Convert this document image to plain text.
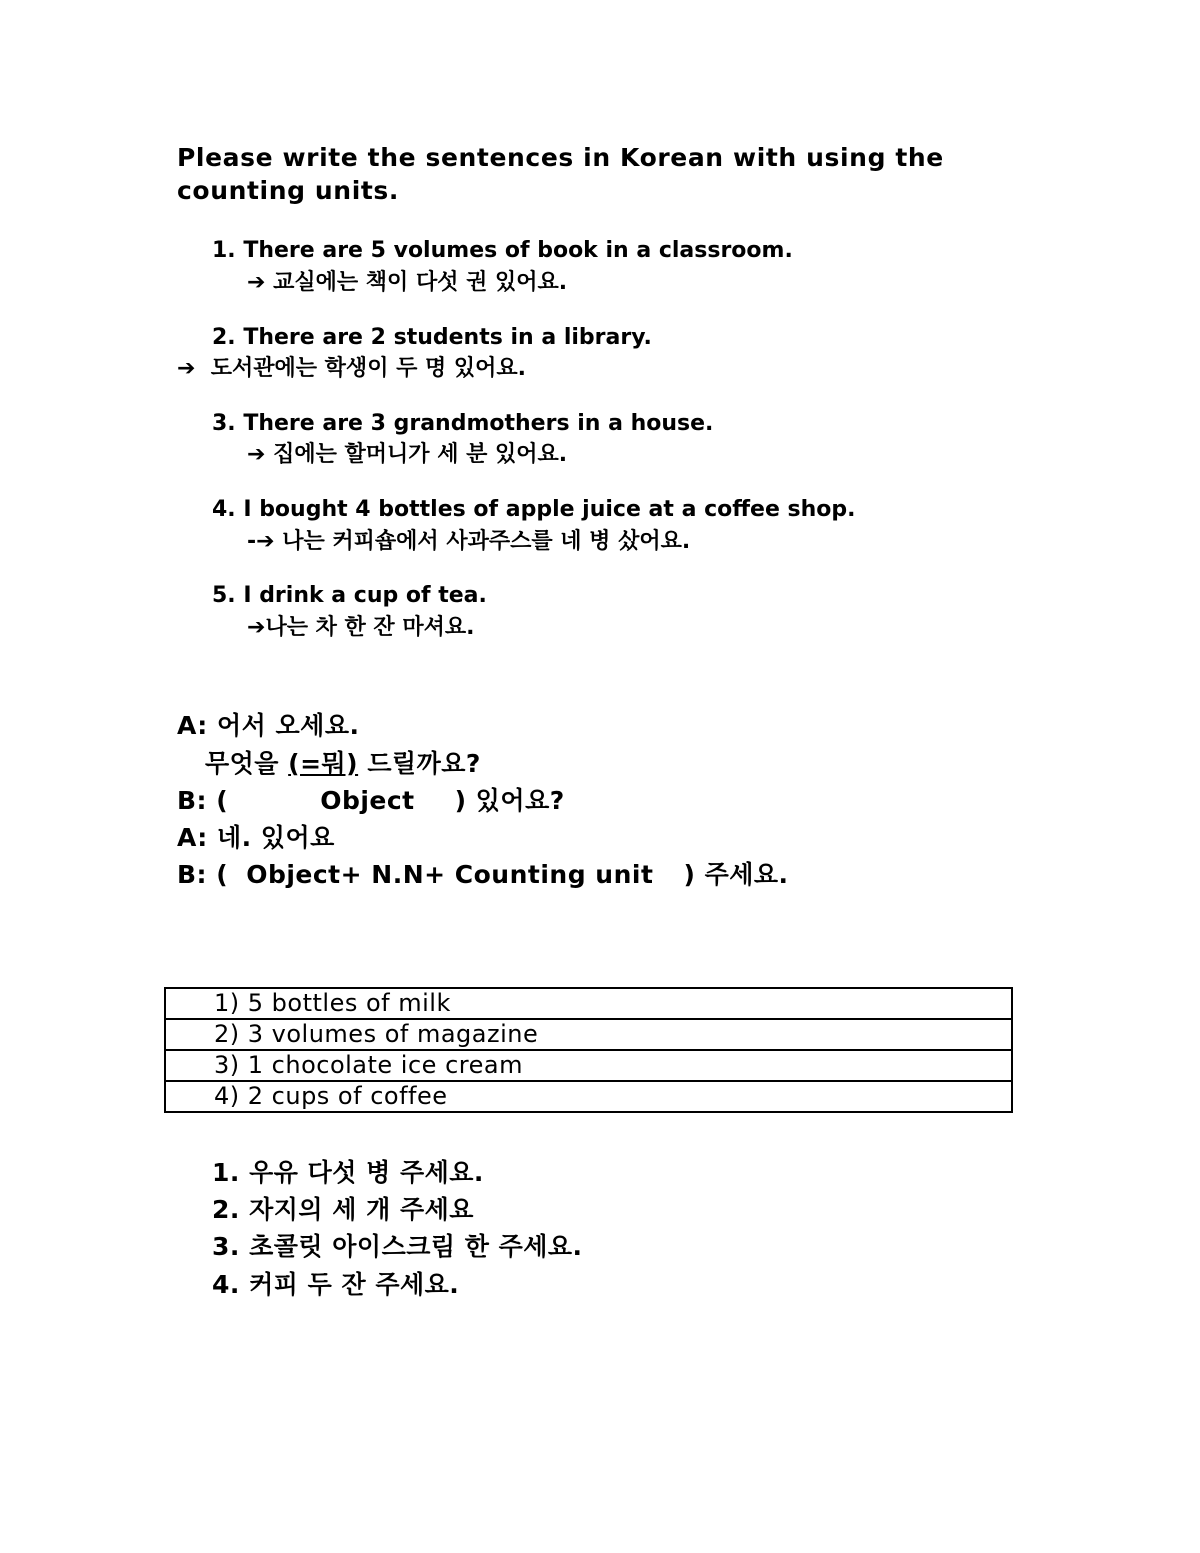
Please write the sentences in Korean with using the
counting units.
1. There are 5 volumes of book in a classroom.
➔ 교실에는 책이 다섯 권 있어요.
2. There are 2 students in a library.
➔ 도서관에는 학생이 두 명 있어요.
3. There are 3 grandmothers in a house.
➔ 집에는 할머니가 세 분 있어요.
4. I bought 4 bottles of apple juice at a coffee shop.
-➔ 나는 커피숍에서 사과주스를 네 병 샀어요.
5. I drink a cup of tea.
➔나는 차 한 잔 마셔요.
A: 어서 오세요.
무엇을 (=뭐) 드릴까요?
B: (	Object ) 있어요?
A: 네. 있어요
B: ( Object+ N.N+ Counting unit ) 주세요.
1) 5 bottles of milk
2) 3 volumes of magazine
3) 1 chocolate ice cream
4) 2 cups of coffee
1. 우유 다섯 병 주세요.
2. 자지의 세 개 주세요
3. 초콜릿 아이스크림 한 주세요.
4. 커피 두 잔 주세요.
